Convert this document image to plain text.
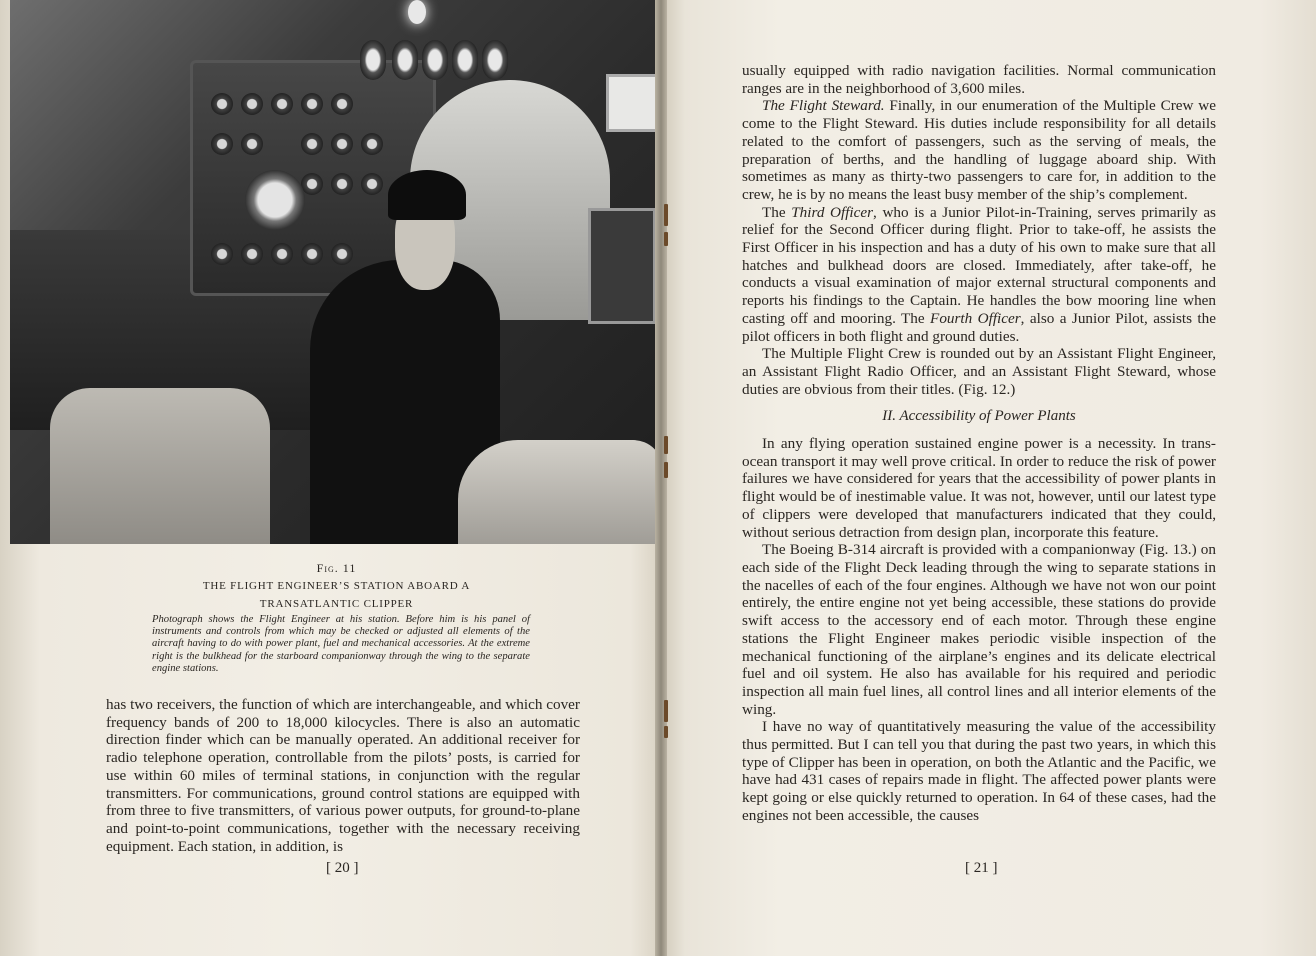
Fig. 11
THE FLIGHT ENGINEER’S STATION ABOARD A
TRANSATLANTIC CLIPPER
Photograph shows the Flight Engineer at his station. Before him is his panel of instruments and controls from which may be checked or adjusted all elements of the aircraft having to do with power plant, fuel and mechanical accessories. At the extreme right is the bulkhead for the starboard companionway through the wing to the separate engine stations.

has two receivers, the function of which are interchangeable, and which cover frequency bands of 200 to 18,000 kilocycles. There is also an automatic direction finder which can be manually operated. An additional receiver for radio telephone operation, controllable from the pilots’ posts, is carried for use within 60 miles of terminal stations, in conjunction with the regular transmitters. For communications, ground control stations are equipped with from three to five transmitters, of various power outputs, for ground-to-plane and point-to-point communications, together with the necessary receiving equipment. Each station, in addition, is

[ 20 ]

usually equipped with radio navigation facilities. Normal communication ranges are in the neighborhood of 3,600 miles.

The Flight Steward. Finally, in our enumeration of the Multiple Crew we come to the Flight Steward. His duties include responsibility for all details related to the comfort of passengers, such as the serving of meals, the preparation of berths, and the handling of luggage aboard ship. With sometimes as many as thirty-two passengers to care for, in addition to the crew, he is by no means the least busy member of the ship’s complement.

The Third Officer, who is a Junior Pilot-in-Training, serves primarily as relief for the Second Officer during flight. Prior to take-off, he assists the First Officer in his inspection and has a duty of his own to make sure that all hatches and bulkhead doors are closed. Immediately, after take-off, he conducts a visual examination of major external structural components and reports his findings to the Captain. He handles the bow mooring line when casting off and mooring. The Fourth Officer, also a Junior Pilot, assists the pilot officers in both flight and ground duties.

The Multiple Flight Crew is rounded out by an Assistant Flight Engineer, an Assistant Flight Radio Officer, and an Assistant Flight Steward, whose duties are obvious from their titles. (Fig. 12.)

II. Accessibility of Power Plants

In any flying operation sustained engine power is a necessity. In trans-ocean transport it may well prove critical. In order to reduce the risk of power failures we have considered for years that the accessibility of power plants in flight would be of inestimable value. It was not, however, until our latest type of clippers were developed that manufacturers indicated that they could, without serious detraction from design plan, incorporate this feature.

The Boeing B-314 aircraft is provided with a companionway (Fig. 13.) on each side of the Flight Deck leading through the wing to separate stations in the nacelles of each of the four engines. Although we have not won our point entirely, the entire engine not yet being accessible, these stations do provide swift access to the accessory end of each motor. Through these engine stations the Flight Engineer makes periodic visible inspection of the mechanical functioning of the airplane’s engines and its delicate electrical fuel and oil system. He also has available for his required and periodic inspection all main fuel lines, all control lines and all interior elements of the wing.

I have no way of quantitatively measuring the value of the accessibility thus permitted. But I can tell you that during the past two years, in which this type of Clipper has been in operation, on both the Atlantic and the Pacific, we have had 431 cases of repairs made in flight. The affected power plants were kept going or else quickly returned to operation. In 64 of these cases, had the engines not been accessible, the causes

[ 21 ]
